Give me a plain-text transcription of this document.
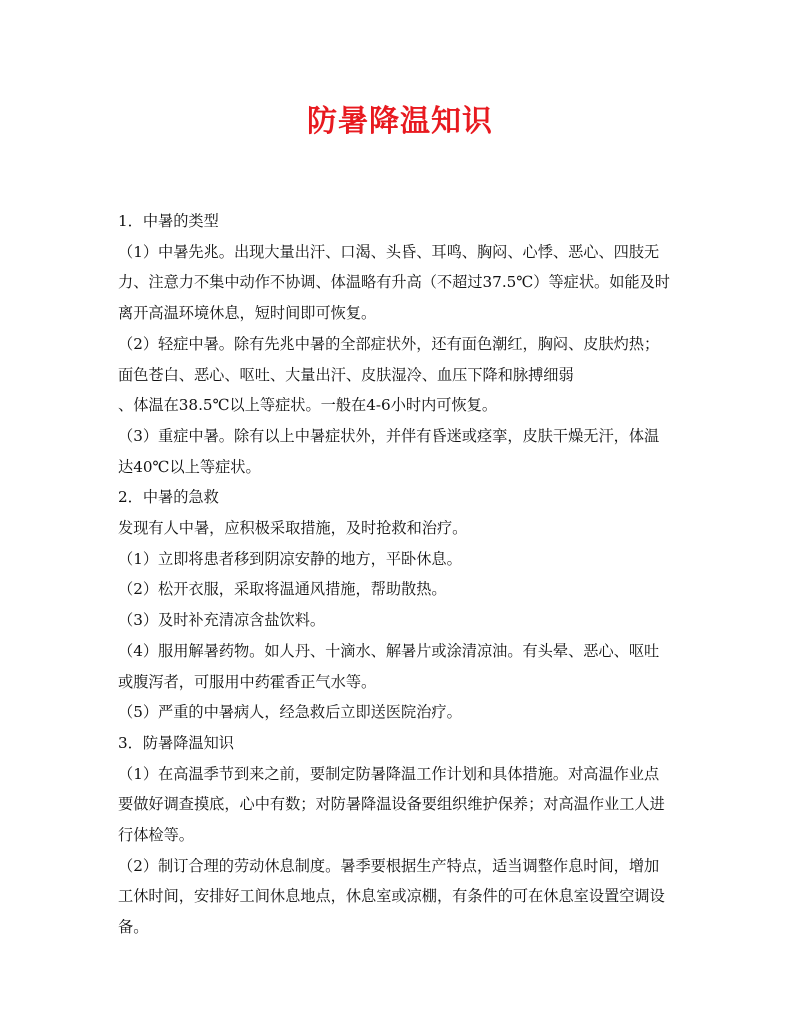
防暑降温知识

1．中暑的类型

（1）中暑先兆。出现大量出汗、口渴、头昏、耳鸣、胸闷、心悸、恶心、四肢无

力、注意力不集中动作不协调、体温略有升高（不超过37.5℃）等症状。如能及时

离开高温环境休息，短时间即可恢复。

（2）轻症中暑。除有先兆中暑的全部症状外，还有面色潮红，胸闷、皮肤灼热；

面色苍白、恶心、呕吐、大量出汗、皮肤湿冷、血压下降和脉搏细弱

、体温在38.5℃以上等症状。一般在4-6小时内可恢复。

（3）重症中暑。除有以上中暑症状外，并伴有昏迷或痉挛，皮肤干燥无汗，体温

达40℃以上等症状。

2．中暑的急救

发现有人中暑，应积极采取措施，及时抢救和治疗。

（1）立即将患者移到阴凉安静的地方，平卧休息。

（2）松开衣服，采取将温通风措施，帮助散热。

（3）及时补充清凉含盐饮料。

（4）服用解暑药物。如人丹、十滴水、解暑片或涂清凉油。有头晕、恶心、呕吐

或腹泻者，可服用中药霍香正气水等。

（5）严重的中暑病人，经急救后立即送医院治疗。

3．防暑降温知识

（1）在高温季节到来之前，要制定防暑降温工作计划和具体措施。对高温作业点

要做好调查摸底，心中有数；对防暑降温设备要组织维护保养；对高温作业工人进

行体检等。

（2）制订合理的劳动休息制度。暑季要根据生产特点，适当调整作息时间，增加

工休时间，安排好工间休息地点，休息室或凉棚，有条件的可在休息室设置空调设

备。
